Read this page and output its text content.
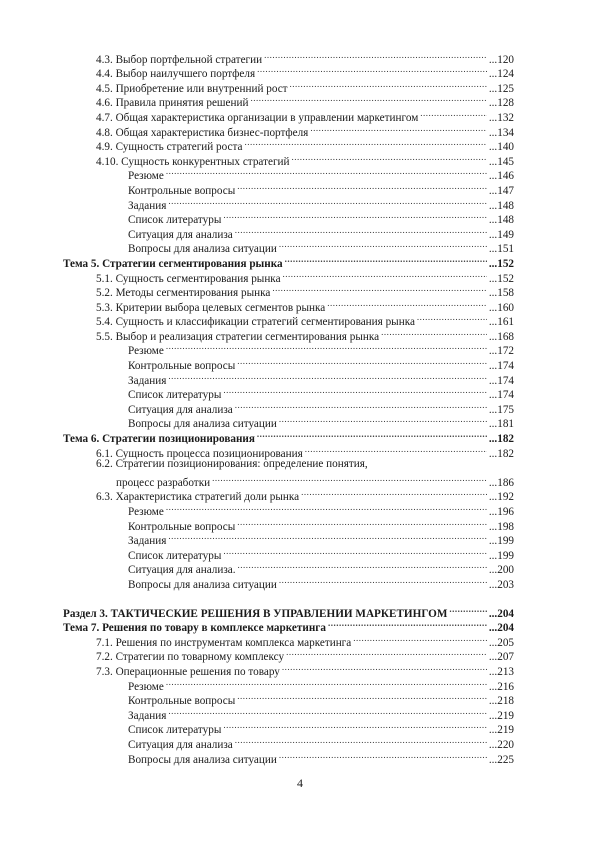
4.3. Выбор портфельной стратегии .....	... 120
4.4. Выбор наилучшего портфеля .....	... 124
4.5. Приобретение или внутренний рост .....	... 125
4.6. Правила принятия решений .....	... 128
4.7. Общая характеристика организации в управлении маркетингом .....	... 132
4.8. Общая характеристика бизнес-портфеля .....	... 134
4.9. Сущность стратегий роста .....	... 140
4.10. Сущность конкурентных стратегий .....	... 145
Резюме .....	... 146
Контрольные вопросы .....	... 147
Задания .....	... 148
Список литературы .....	... 148
Ситуация для анализа .....	... 149
Вопросы для анализа ситуации .....	... 151
Тема 5. Стратегии сегментирования рынка .....	... 152
5.1. Сущность сегментирования рынка .....	... 152
5.2. Методы сегментирования рынка .....	... 158
5.3. Критерии выбора целевых сегментов рынка .....	... 160
5.4. Сущность и классификации стратегий сегментирования рынка .....	... 161
5.5. Выбор и реализация стратегии сегментирования рынка .....	... 168
Резюме .....	... 172
Контрольные вопросы .....	... 174
Задания .....	... 174
Список литературы .....	... 174
Ситуация для анализа .....	... 175
Вопросы для анализа ситуации .....	... 181
Тема 6. Стратегии позиционирования .....	... 182
6.1. Сущность процесса позиционирования .....	... 182
6.2. Стратегии позиционирования: определение понятия,
процесс разработки .....	... 186
6.3. Характеристика стратегий доли рынка .....	... 192
Резюме .....	... 196
Контрольные вопросы .....	... 198
Задания .....	... 199
Список литературы .....	... 199
Ситуация для анализа. .....	... 200
Вопросы для анализа ситуации .....	... 203
Раздел 3. ТАКТИЧЕСКИЕ РЕШЕНИЯ В УПРАВЛЕНИИ МАРКЕТИНГОМ .....	... 204
Тема 7. Решения по товару в комплексе маркетинга .....	... 204
7.1. Решения по инструментам комплекса маркетинга .....	... 205
7.2. Стратегии по товарному комплексу .....	... 207
7.3. Операционные решения по товару .....	... 213
Резюме .....	... 216
Контрольные вопросы .....	... 218
Задания .....	... 219
Список литературы .....	... 219
Ситуация для анализа .....	... 220
Вопросы для анализа ситуации .....	... 225
4
